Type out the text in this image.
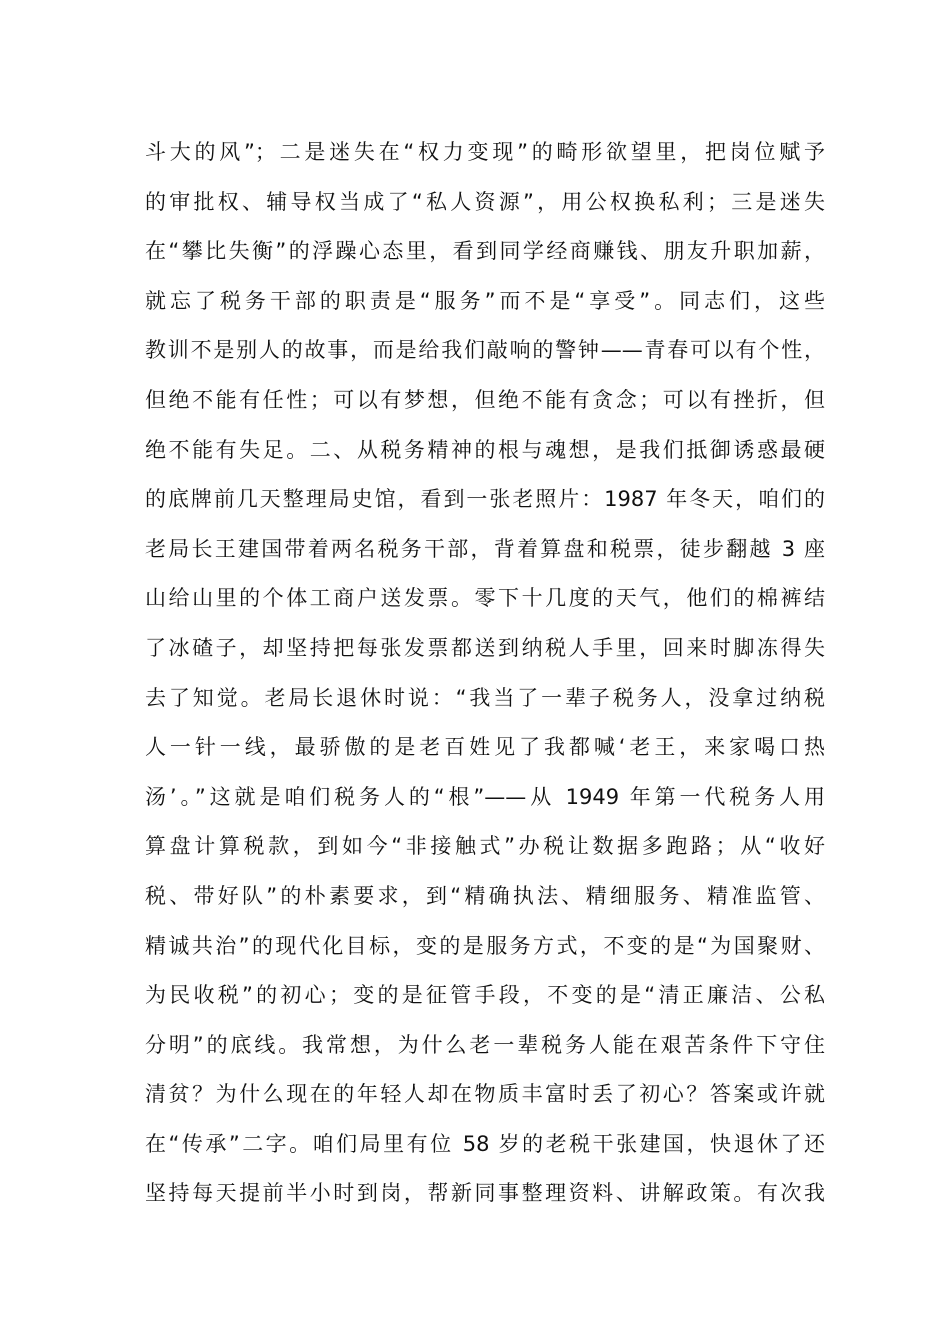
斗大的风”；二是迷失在“权力变现”的畸形欲望里，把岗位赋予
的审批权、辅导权当成了“私人资源”，用公权换私利；三是迷失
在“攀比失衡”的浮躁心态里，看到同学经商赚钱、朋友升职加薪，
就忘了税务干部的职责是“服务”而不是“享受”。同志们，这些
教训不是别人的故事，而是给我们敲响的警钟——青春可以有个性，
但绝不能有任性；可以有梦想，但绝不能有贪念；可以有挫折，但
绝不能有失足。二、从税务精神的根与魂想，是我们抵御诱惑最硬
的底牌前几天整理局史馆，看到一张老照片：1987 年冬天，咱们的
老局长王建国带着两名税务干部，背着算盘和税票，徒步翻越 3 座
山给山里的个体工商户送发票。零下十几度的天气，他们的棉裤结
了冰碴子，却坚持把每张发票都送到纳税人手里，回来时脚冻得失
去了知觉。老局长退休时说：“我当了一辈子税务人，没拿过纳税
人一针一线，最骄傲的是老百姓见了我都喊‘老王，来家喝口热
汤’。”这就是咱们税务人的“根”——从 1949 年第一代税务人用
算盘计算税款，到如今“非接触式”办税让数据多跑路；从“收好
税、带好队”的朴素要求，到“精确执法、精细服务、精准监管、
精诚共治”的现代化目标，变的是服务方式，不变的是“为国聚财、
为民收税”的初心；变的是征管手段，不变的是“清正廉洁、公私
分明”的底线。我常想，为什么老一辈税务人能在艰苦条件下守住
清贫？为什么现在的年轻人却在物质丰富时丢了初心？答案或许就
在“传承”二字。咱们局里有位 58 岁的老税干张建国，快退休了还
坚持每天提前半小时到岗，帮新同事整理资料、讲解政策。有次我
